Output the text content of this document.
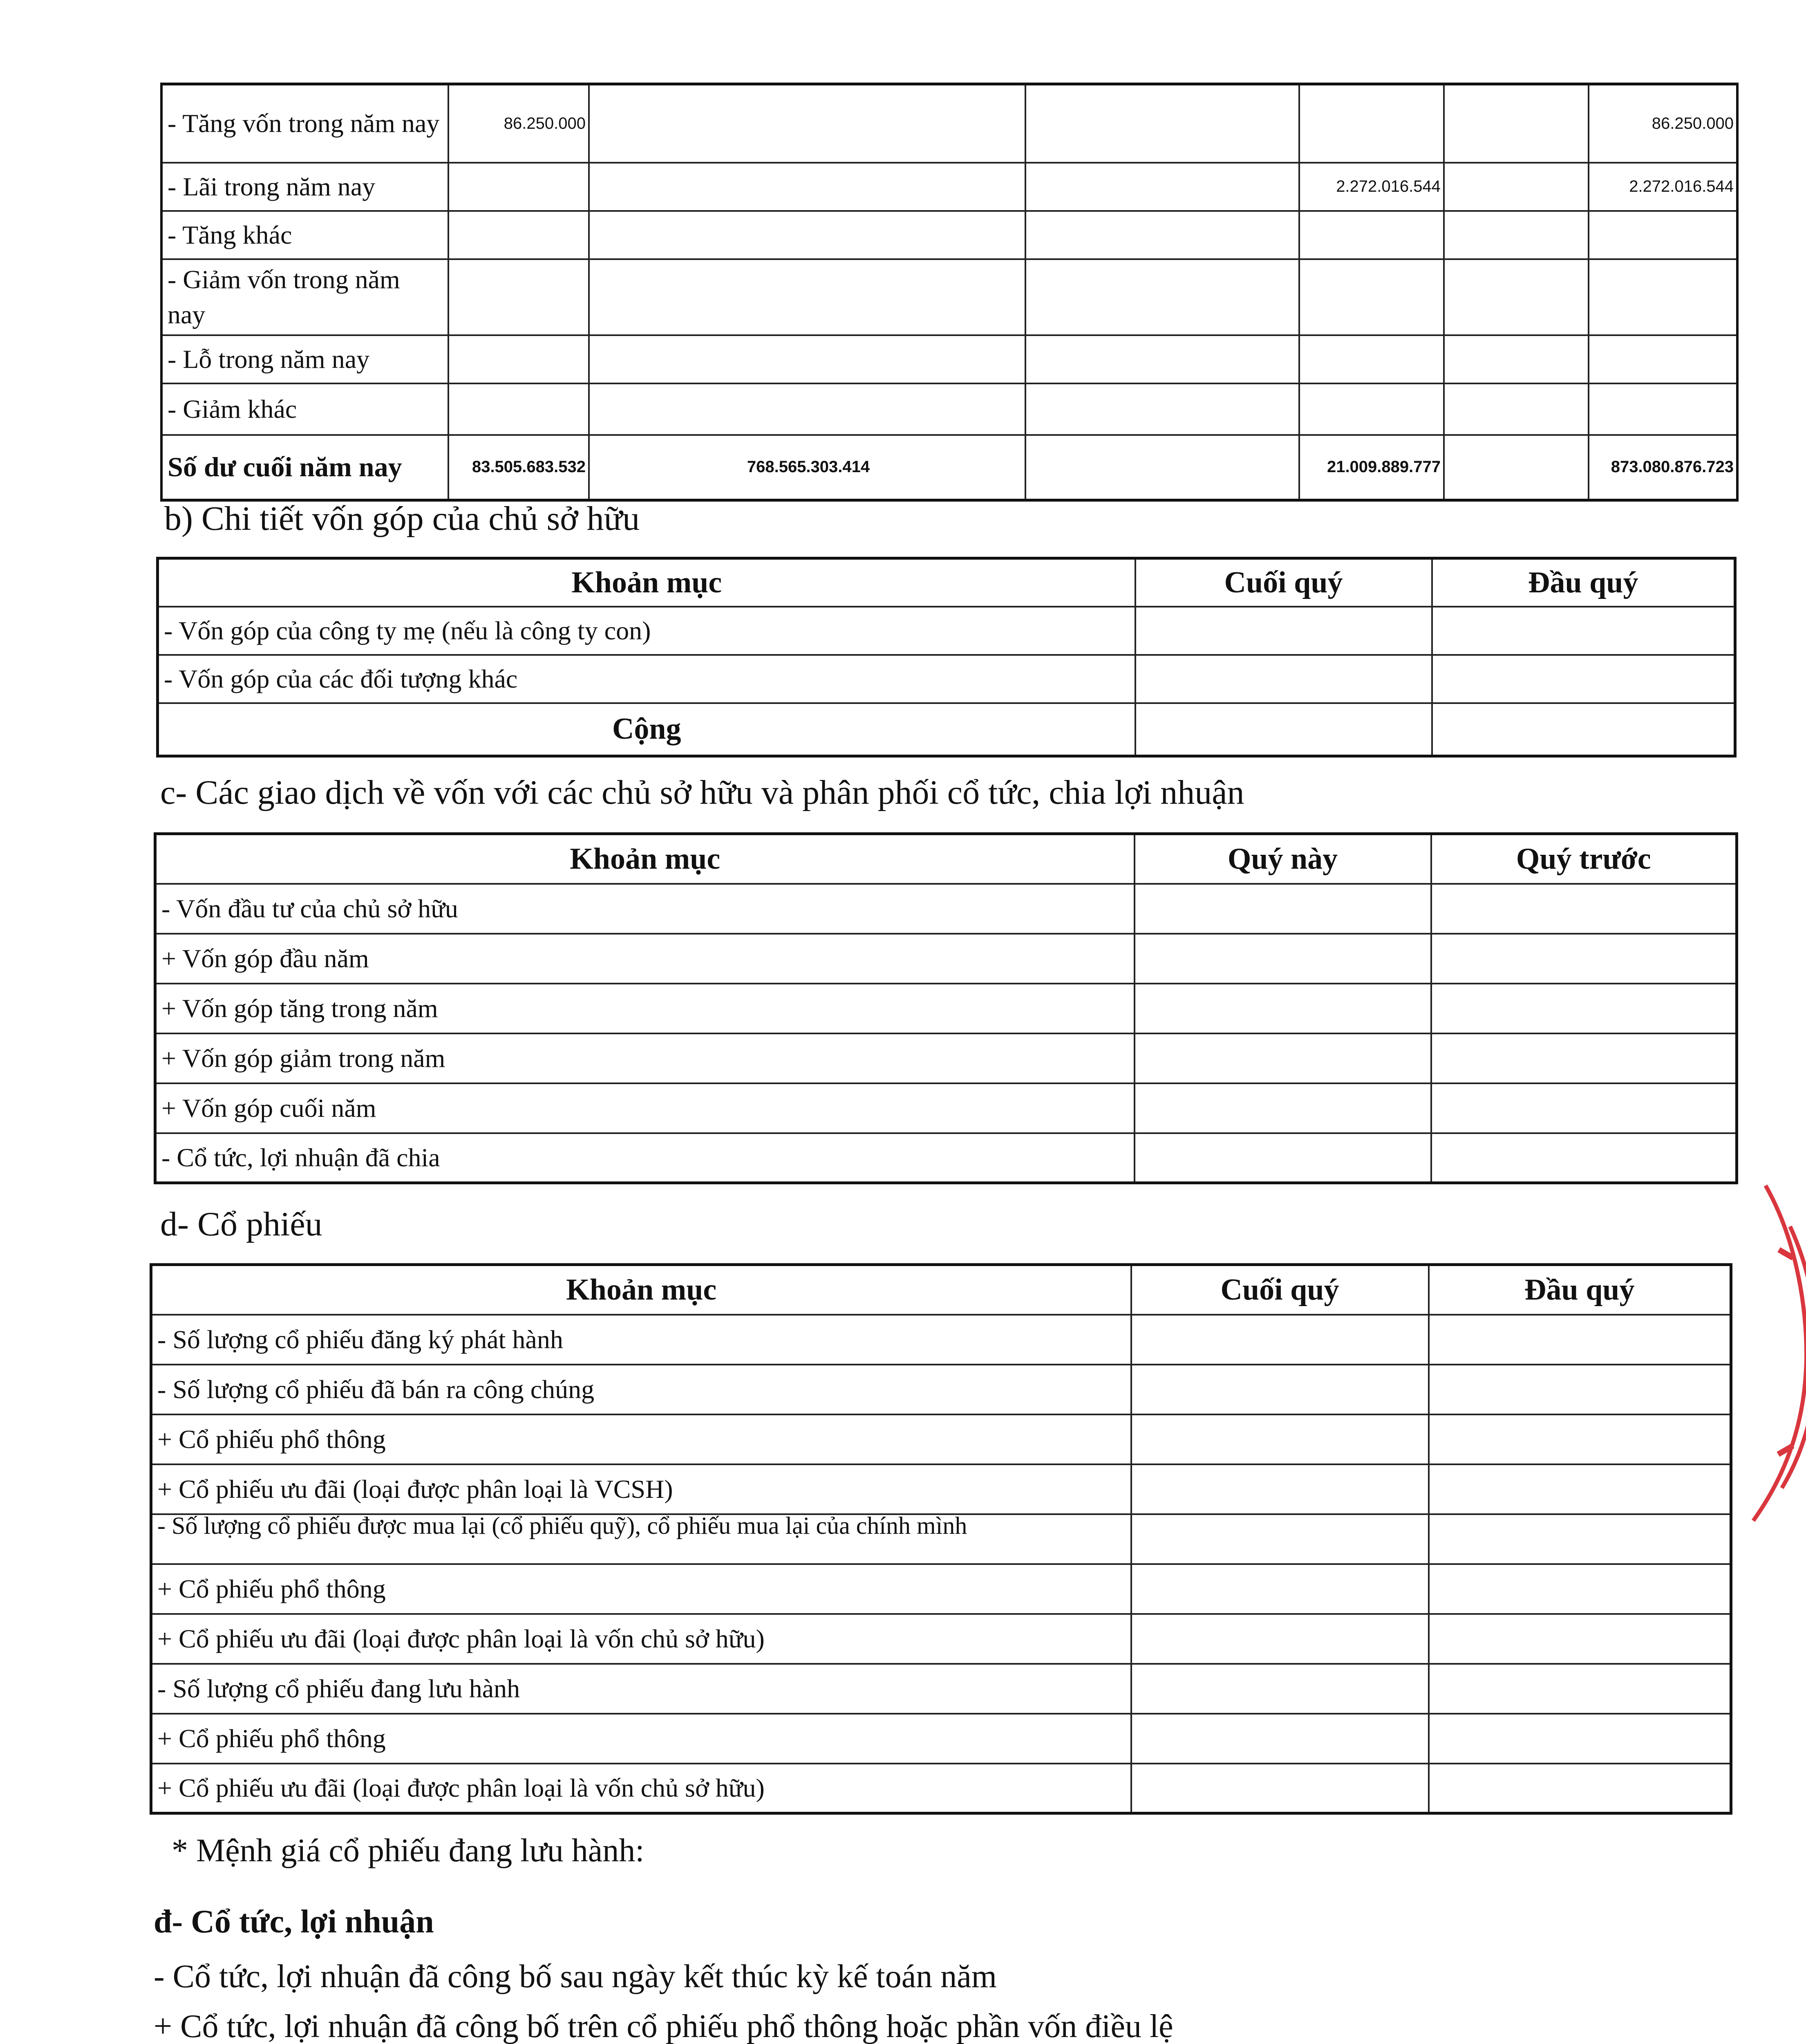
- Tăng vốn trong năm nay	86.250.000					86.250.000
- Lãi trong năm nay				2.272.016.544		2.272.016.544
- Tăng khác						
- Giảm vốn trong năm nay						
- Lỗ trong năm nay						
- Giảm khác						
Số dư cuối năm nay	83.505.683.532	768.565.303.414		21.009.889.777		873.080.876.723
b) Chi tiết vốn góp của chủ sở hữu
Khoản mục	Cuối quý	Đầu quý
- Vốn góp của công ty mẹ (nếu là công ty con)		
- Vốn góp của các đối tượng khác		
Cộng		
c- Các giao dịch về vốn với các chủ sở hữu và phân phối cổ tức, chia lợi nhuận
Khoản mục	Quý này	Quý trước
- Vốn đầu tư của chủ sở hữu		
+ Vốn góp đầu năm		
+ Vốn góp tăng trong năm		
+ Vốn góp giảm trong năm		
+ Vốn góp cuối năm		
- Cổ tức, lợi nhuận đã chia		
d- Cổ phiếu
Khoản mục	Cuối quý	Đầu quý
- Số lượng cổ phiếu đăng ký phát hành		
- Số lượng cổ phiếu đã bán ra công chúng		
+ Cổ phiếu phổ thông		
+ Cổ phiếu ưu đãi (loại được phân loại là VCSH)		
- Số lượng cổ phiếu được mua lại (cổ phiếu quỹ), cổ phiếu mua lại của chính mình		
+ Cổ phiếu phổ thông		
+ Cổ phiếu ưu đãi (loại được phân loại là vốn chủ sở hữu)		
- Số lượng cổ phiếu đang lưu hành		
+ Cổ phiếu phổ thông		
+ Cổ phiếu ưu đãi (loại được phân loại là vốn chủ sở hữu)		
* Mệnh giá cổ phiếu đang lưu hành:
đ- Cổ tức, lợi nhuận
- Cổ tức, lợi nhuận đã công bố sau ngày kết thúc kỳ kế toán năm
+ Cổ tức, lợi nhuận đã công bố trên cổ phiếu phổ thông hoặc phần vốn điều lệ
